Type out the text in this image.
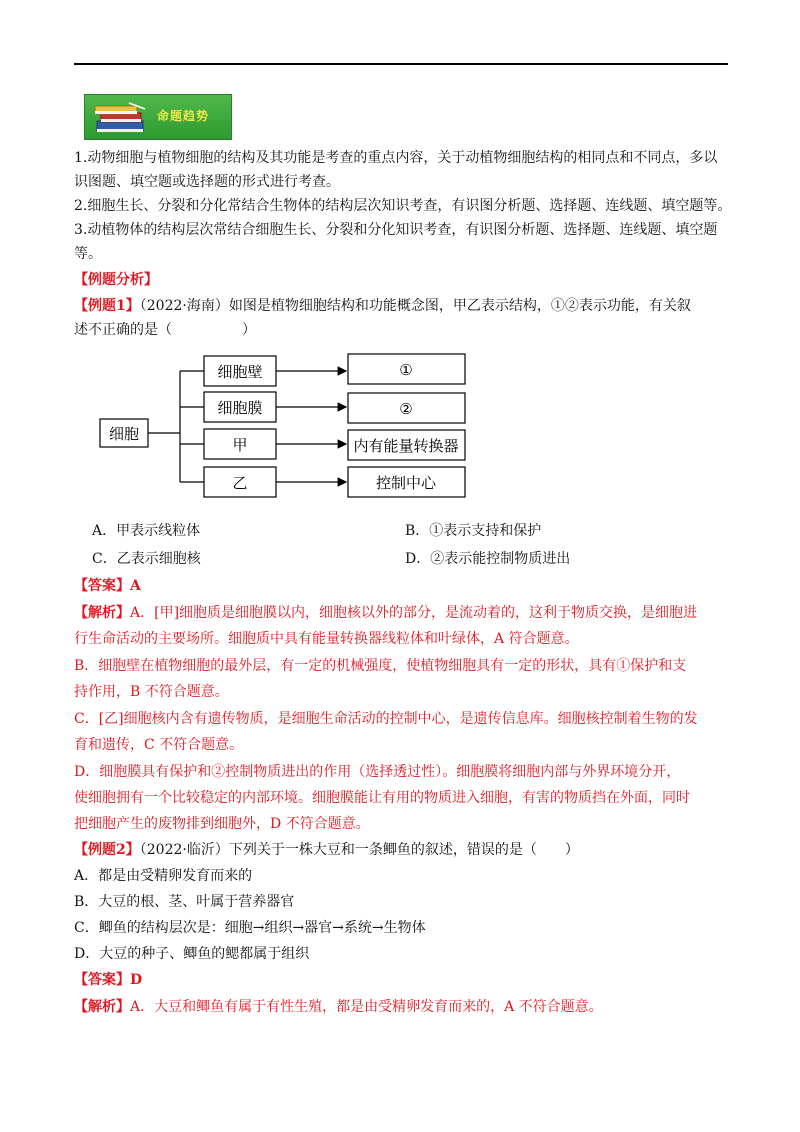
命题趋势
1.动物细胞与植物细胞的结构及其功能是考查的重点内容，关于动植物细胞结构的相同点和不同点，多以
识图题、填空题或选择题的形式进行考查。
2.细胞生长、分裂和分化常结合生物体的结构层次知识考查，有识图分析题、选择题、连线题、填空题等。
3.动植物体的结构层次常结合细胞生长、分裂和分化知识考查，有识图分析题、选择题、连线题、填空题
等。
【例题分析】
【例题1】（2022·海南）如图是植物细胞结构和功能概念图，甲乙表示结构，①②表示功能，有关叙
述不正确的是（　　　　　）
细胞
细胞壁
细胞膜
甲
乙
①
②
内有能量转换器
控制中心
A．甲表示线粒体	B．①表示支持和保护
C．乙表示细胞核	D．②表示能控制物质进出
【答案】A
【解析】A．[甲]细胞质是细胞膜以内，细胞核以外的部分，是流动着的，这利于物质交换，是细胞进
行生命活动的主要场所。细胞质中具有能量转换器线粒体和叶绿体，A 符合题意。
B．细胞壁在植物细胞的最外层，有一定的机械强度，使植物细胞具有一定的形状，具有①保护和支
持作用，B 不符合题意。
C．[乙]细胞核内含有遗传物质，是细胞生命活动的控制中心，是遗传信息库。细胞核控制着生物的发
育和遗传，C 不符合题意。
D．细胞膜具有保护和②控制物质进出的作用（选择透过性）。细胞膜将细胞内部与外界环境分开，
使细胞拥有一个比较稳定的内部环境。细胞膜能让有用的物质进入细胞，有害的物质挡在外面，同时
把细胞产生的废物排到细胞外，D 不符合题意。
【例题2】（2022·临沂）下列关于一株大豆和一条鲫鱼的叙述，错误的是（　　）
A．都是由受精卵发育而来的
B．大豆的根、茎、叶属于营养器官
C．鲫鱼的结构层次是：细胞→组织→器官→系统→生物体
D．大豆的种子、鲫鱼的鳃都属于组织
【答案】D
【解析】A．大豆和鲫鱼有属于有性生殖，都是由受精卵发育而来的，A 不符合题意。
